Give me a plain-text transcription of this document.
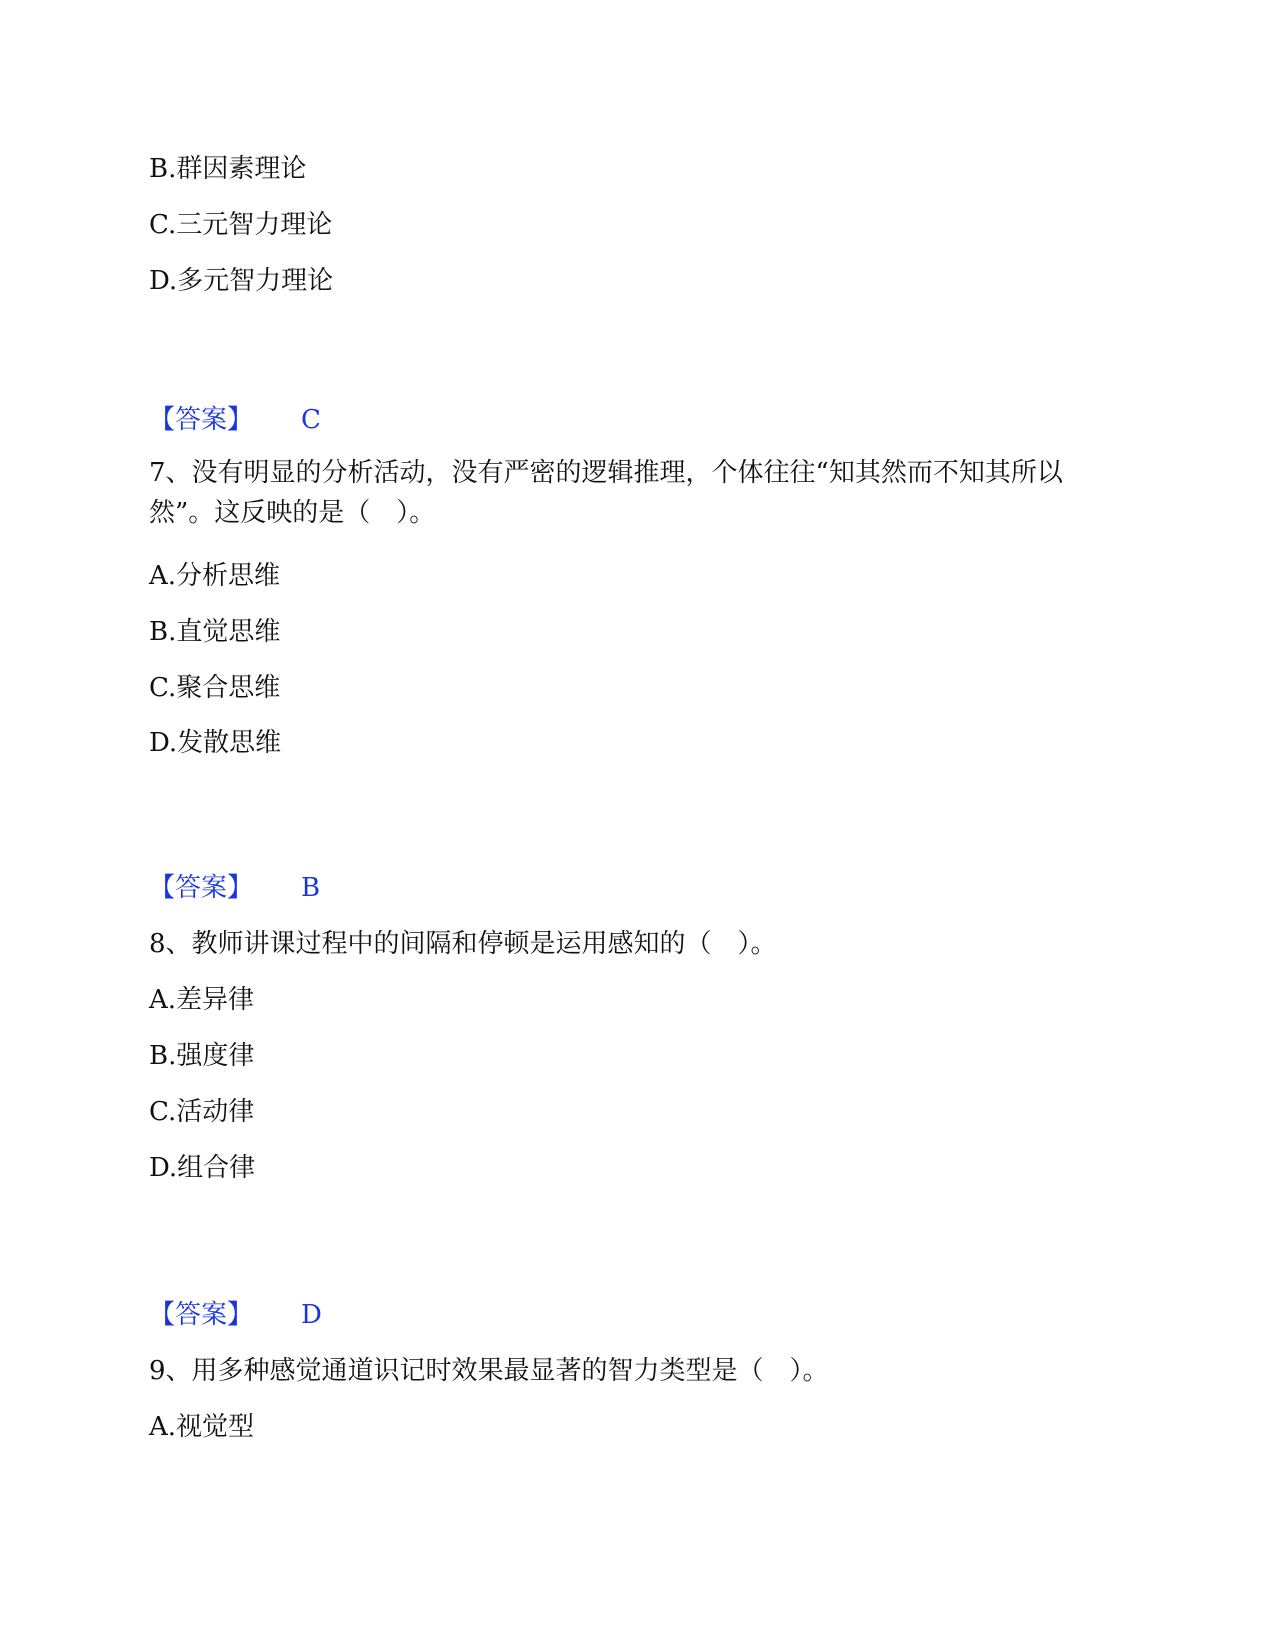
B.群因素理论
C.三元智力理论
D.多元智力理论
【答案】 C
7、没有明显的分析活动，没有严密的逻辑推理，个体往往“知其然而不知其所以然”。这反映的是（　）。
A.分析思维
B.直觉思维
C.聚合思维
D.发散思维
【答案】 B
8、教师讲课过程中的间隔和停顿是运用感知的（　）。
A.差异律
B.强度律
C.活动律
D.组合律
【答案】 D
9、用多种感觉通道识记时效果最显著的智力类型是（　）。
A.视觉型
